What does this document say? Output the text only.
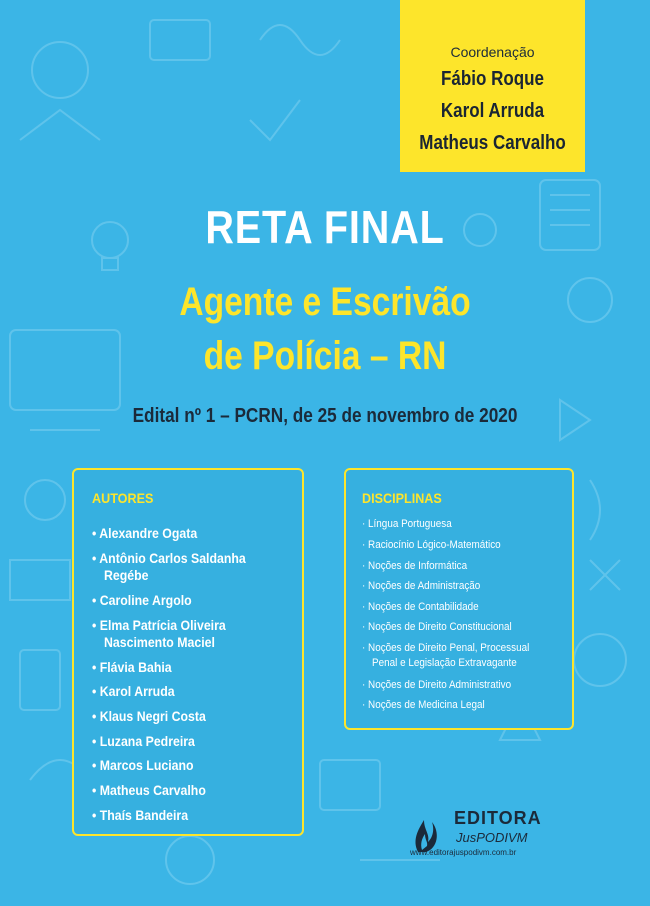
Coordenação
Fábio Roque
Karol Arruda
Matheus Carvalho
RETA FINAL
Agente e Escrivão
de Polícia – RN
Edital nº 1 – PCRN, de 25 de novembro de 2020
AUTORES
• Alexandre Ogata
• Antônio Carlos Saldanha
Regébe
• Caroline Argolo
• Elma Patrícia Oliveira
Nascimento Maciel
• Flávia Bahia
• Karol Arruda
• Klaus Negri Costa
• Luzana Pedreira
• Marcos Luciano
• Matheus Carvalho
• Thaís Bandeira
DISCIPLINAS
· Língua Portuguesa
· Raciocínio Lógico-Matemático
· Noções de Informática
· Noções de Administração
· Noções de Contabilidade
· Noções de Direito Constitucional
· Noções de Direito Penal, Processual
Penal e Legislação Extravagante
· Noções de Direito Administrativo
· Noções de Medicina Legal
EDITORA
JusPODIVM
www.editorajuspodivm.com.br
